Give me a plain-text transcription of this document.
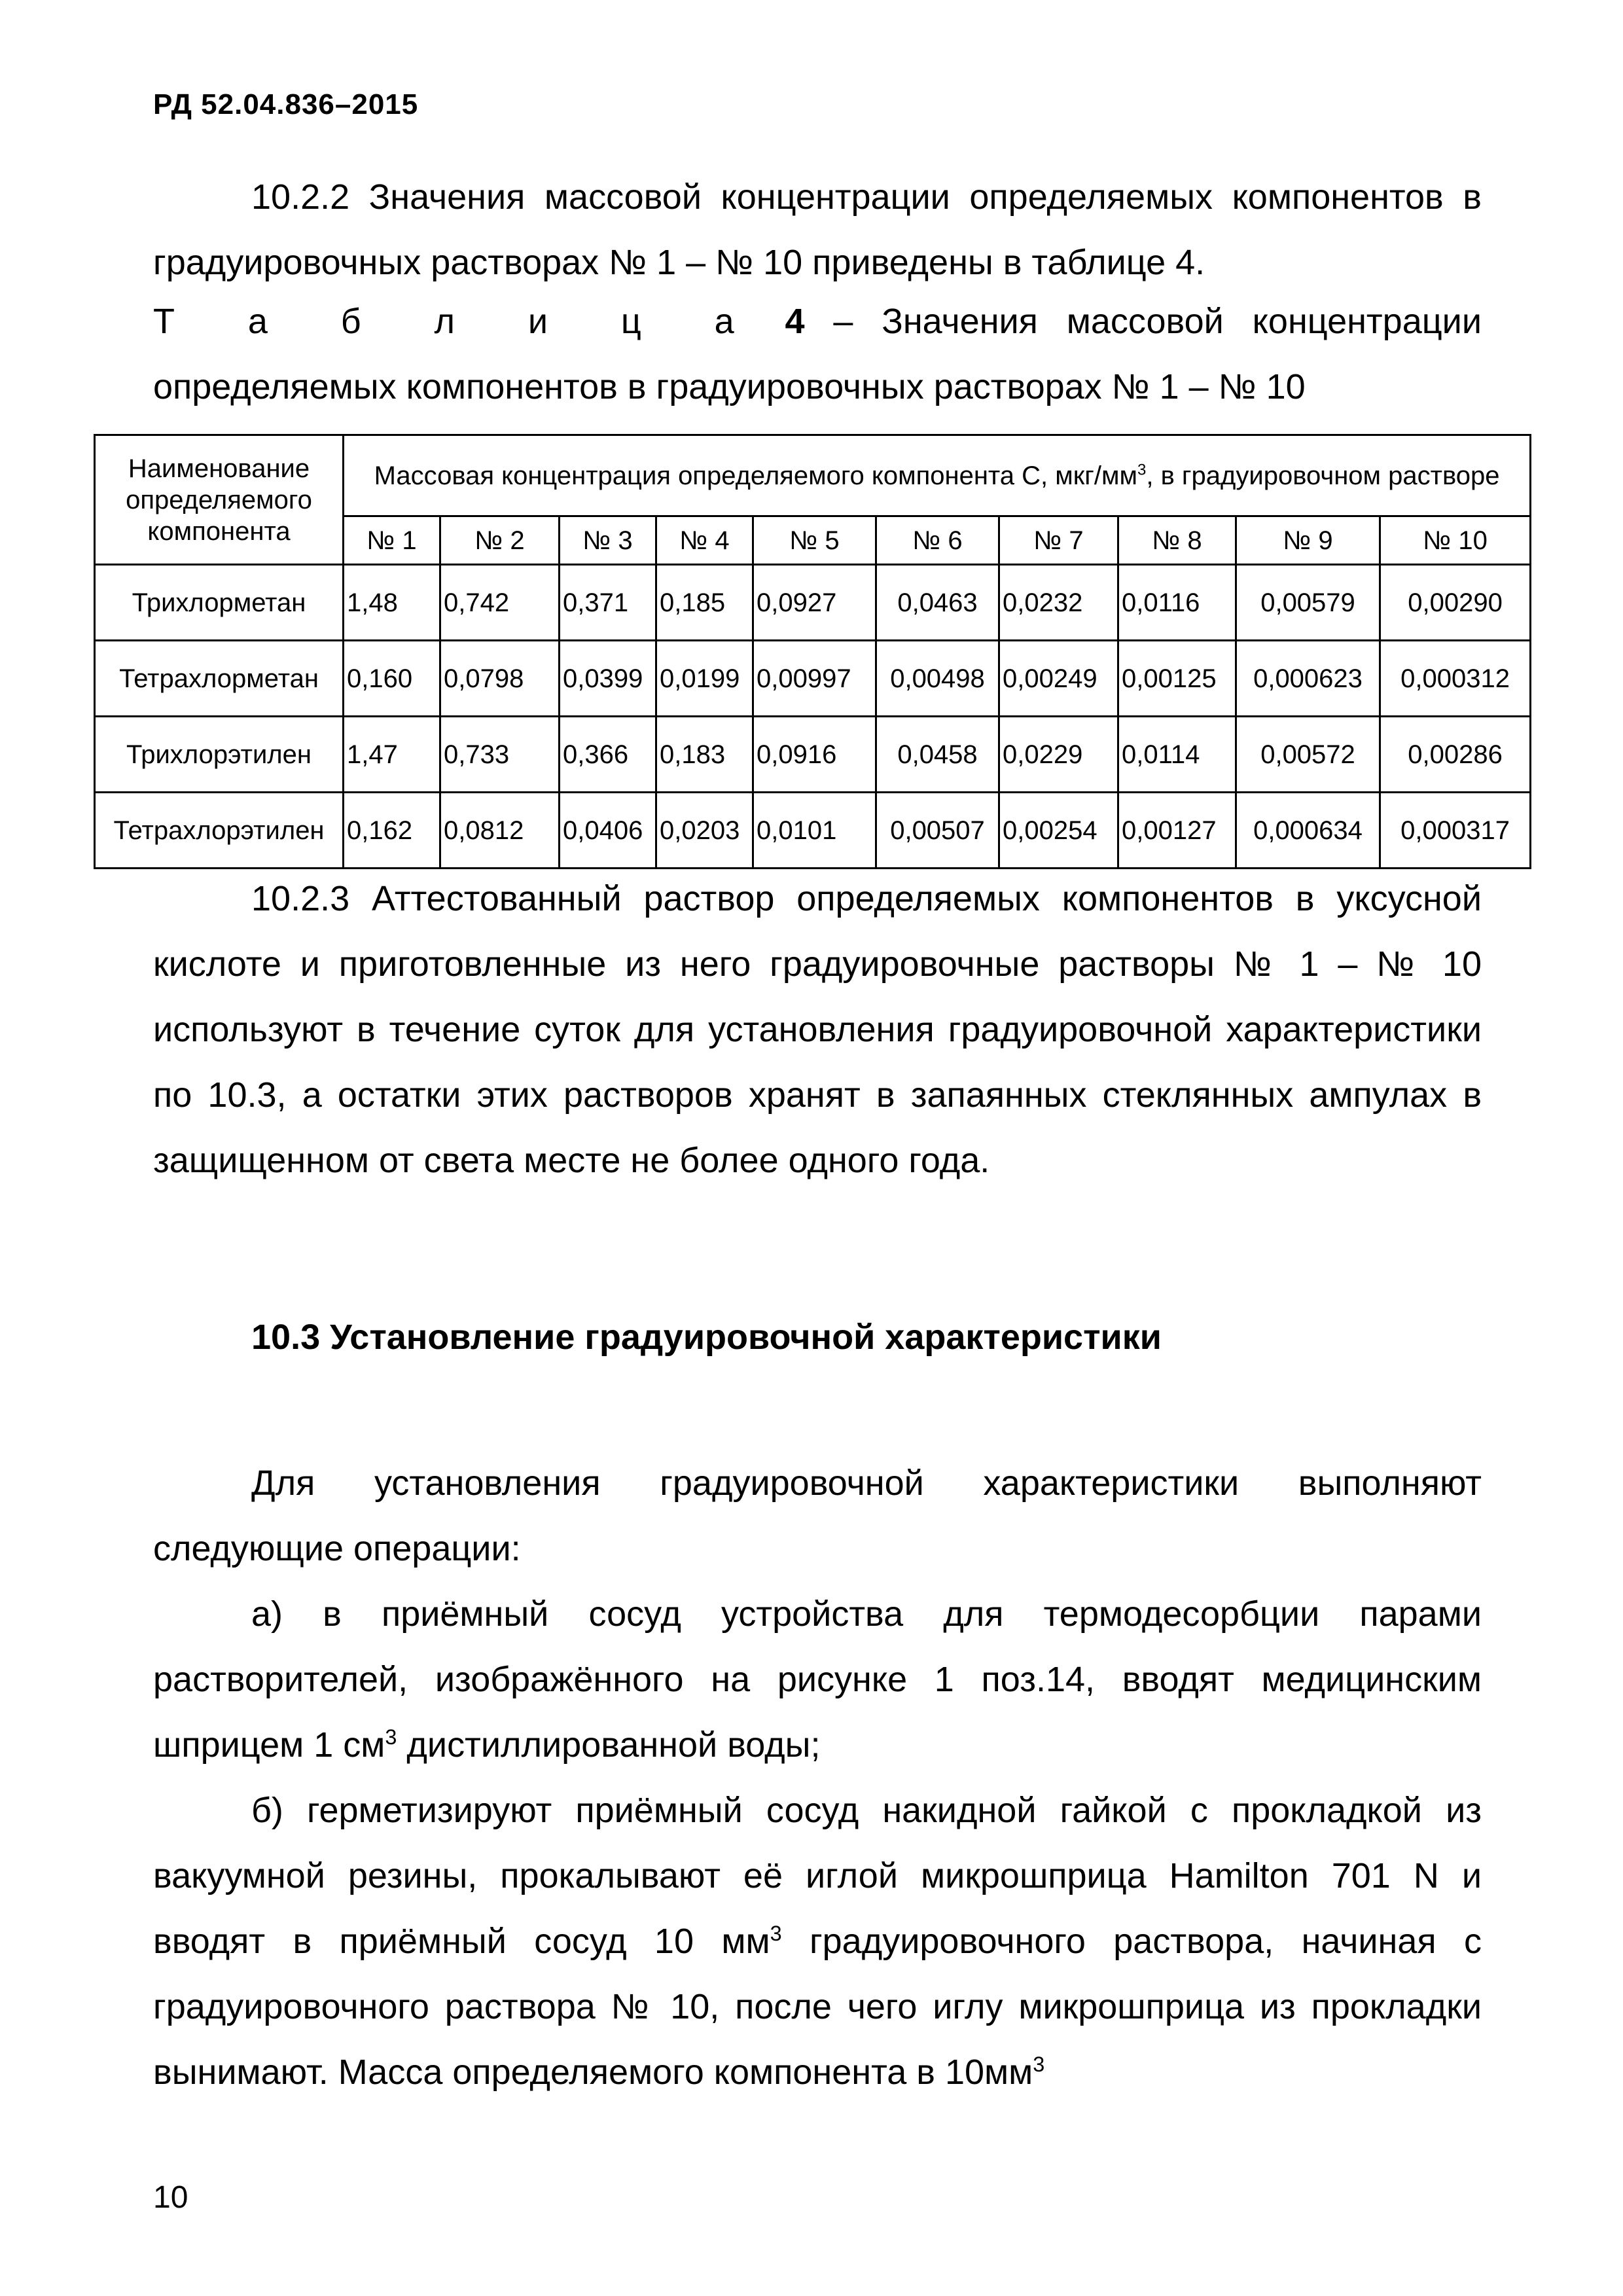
РД 52.04.836–2015

10.2.2 Значения массовой концентрации определяемых компонентов в градуировочных растворах № 1 – № 10 приведены в таблице 4.

Т а б л и ц а 4 – Значения массовой концентрации определяемых компонентов в градуировочных растворах № 1 – № 10

Наименование определяемого компонента	Массовая концентрация определяемого компонента С, мкг/$мм^3$, в градуировочном растворе									
	№ 1	№ 2	№ 3	№ 4	№ 5	№ 6	№ 7	№ 8	№ 9	№ 10
Трихлорметан	1,48	0,742	0,371	0,185	0,0927	0,0463	0,0232	0,0116	0,00579	0,00290
Тетрахлорметан	0,160	0,0798	0,0399	0,0199	0,00997	0,00498	0,00249	0,00125	0,000623	0,000312
Трихлорэтилен	1,47	0,733	0,366	0,183	0,0916	0,0458	0,0229	0,0114	0,00572	0,00286
Тетрахлорэтилен	0,162	0,0812	0,0406	0,0203	0,0101	0,00507	0,00254	0,00127	0,000634	0,000317

10.2.3 Аттестованный раствор определяемых компонентов в уксусной кислоте и приготовленные из него градуировочные растворы № 1 – № 10 используют в течение суток для установления градуировочной характеристики по 10.3, а остатки этих растворов хранят в запаянных стеклянных ампулах в защищенном от света месте не более одного года.

10.3 Установление градуировочной характеристики

Для установления градуировочной характеристики выполняют следующие операции:

а) в приёмный сосуд устройства для термодесорбции парами растворителей, изображённого на рисунке 1 поз.14, вводят медицинским шприцем 1 $см^3$ дистиллированной воды;

б) герметизируют приёмный сосуд накидной гайкой с прокладкой из вакуумной резины, прокалывают её иглой микрошприца Hamilton 701 N и вводят в приёмный сосуд 10 $мм^3$ градуировочного раствора, начиная с градуировочного раствора № 10, после чего иглу микрошприца из прокладки вынимают. Масса определяемого компонента в $10мм^3$

10
